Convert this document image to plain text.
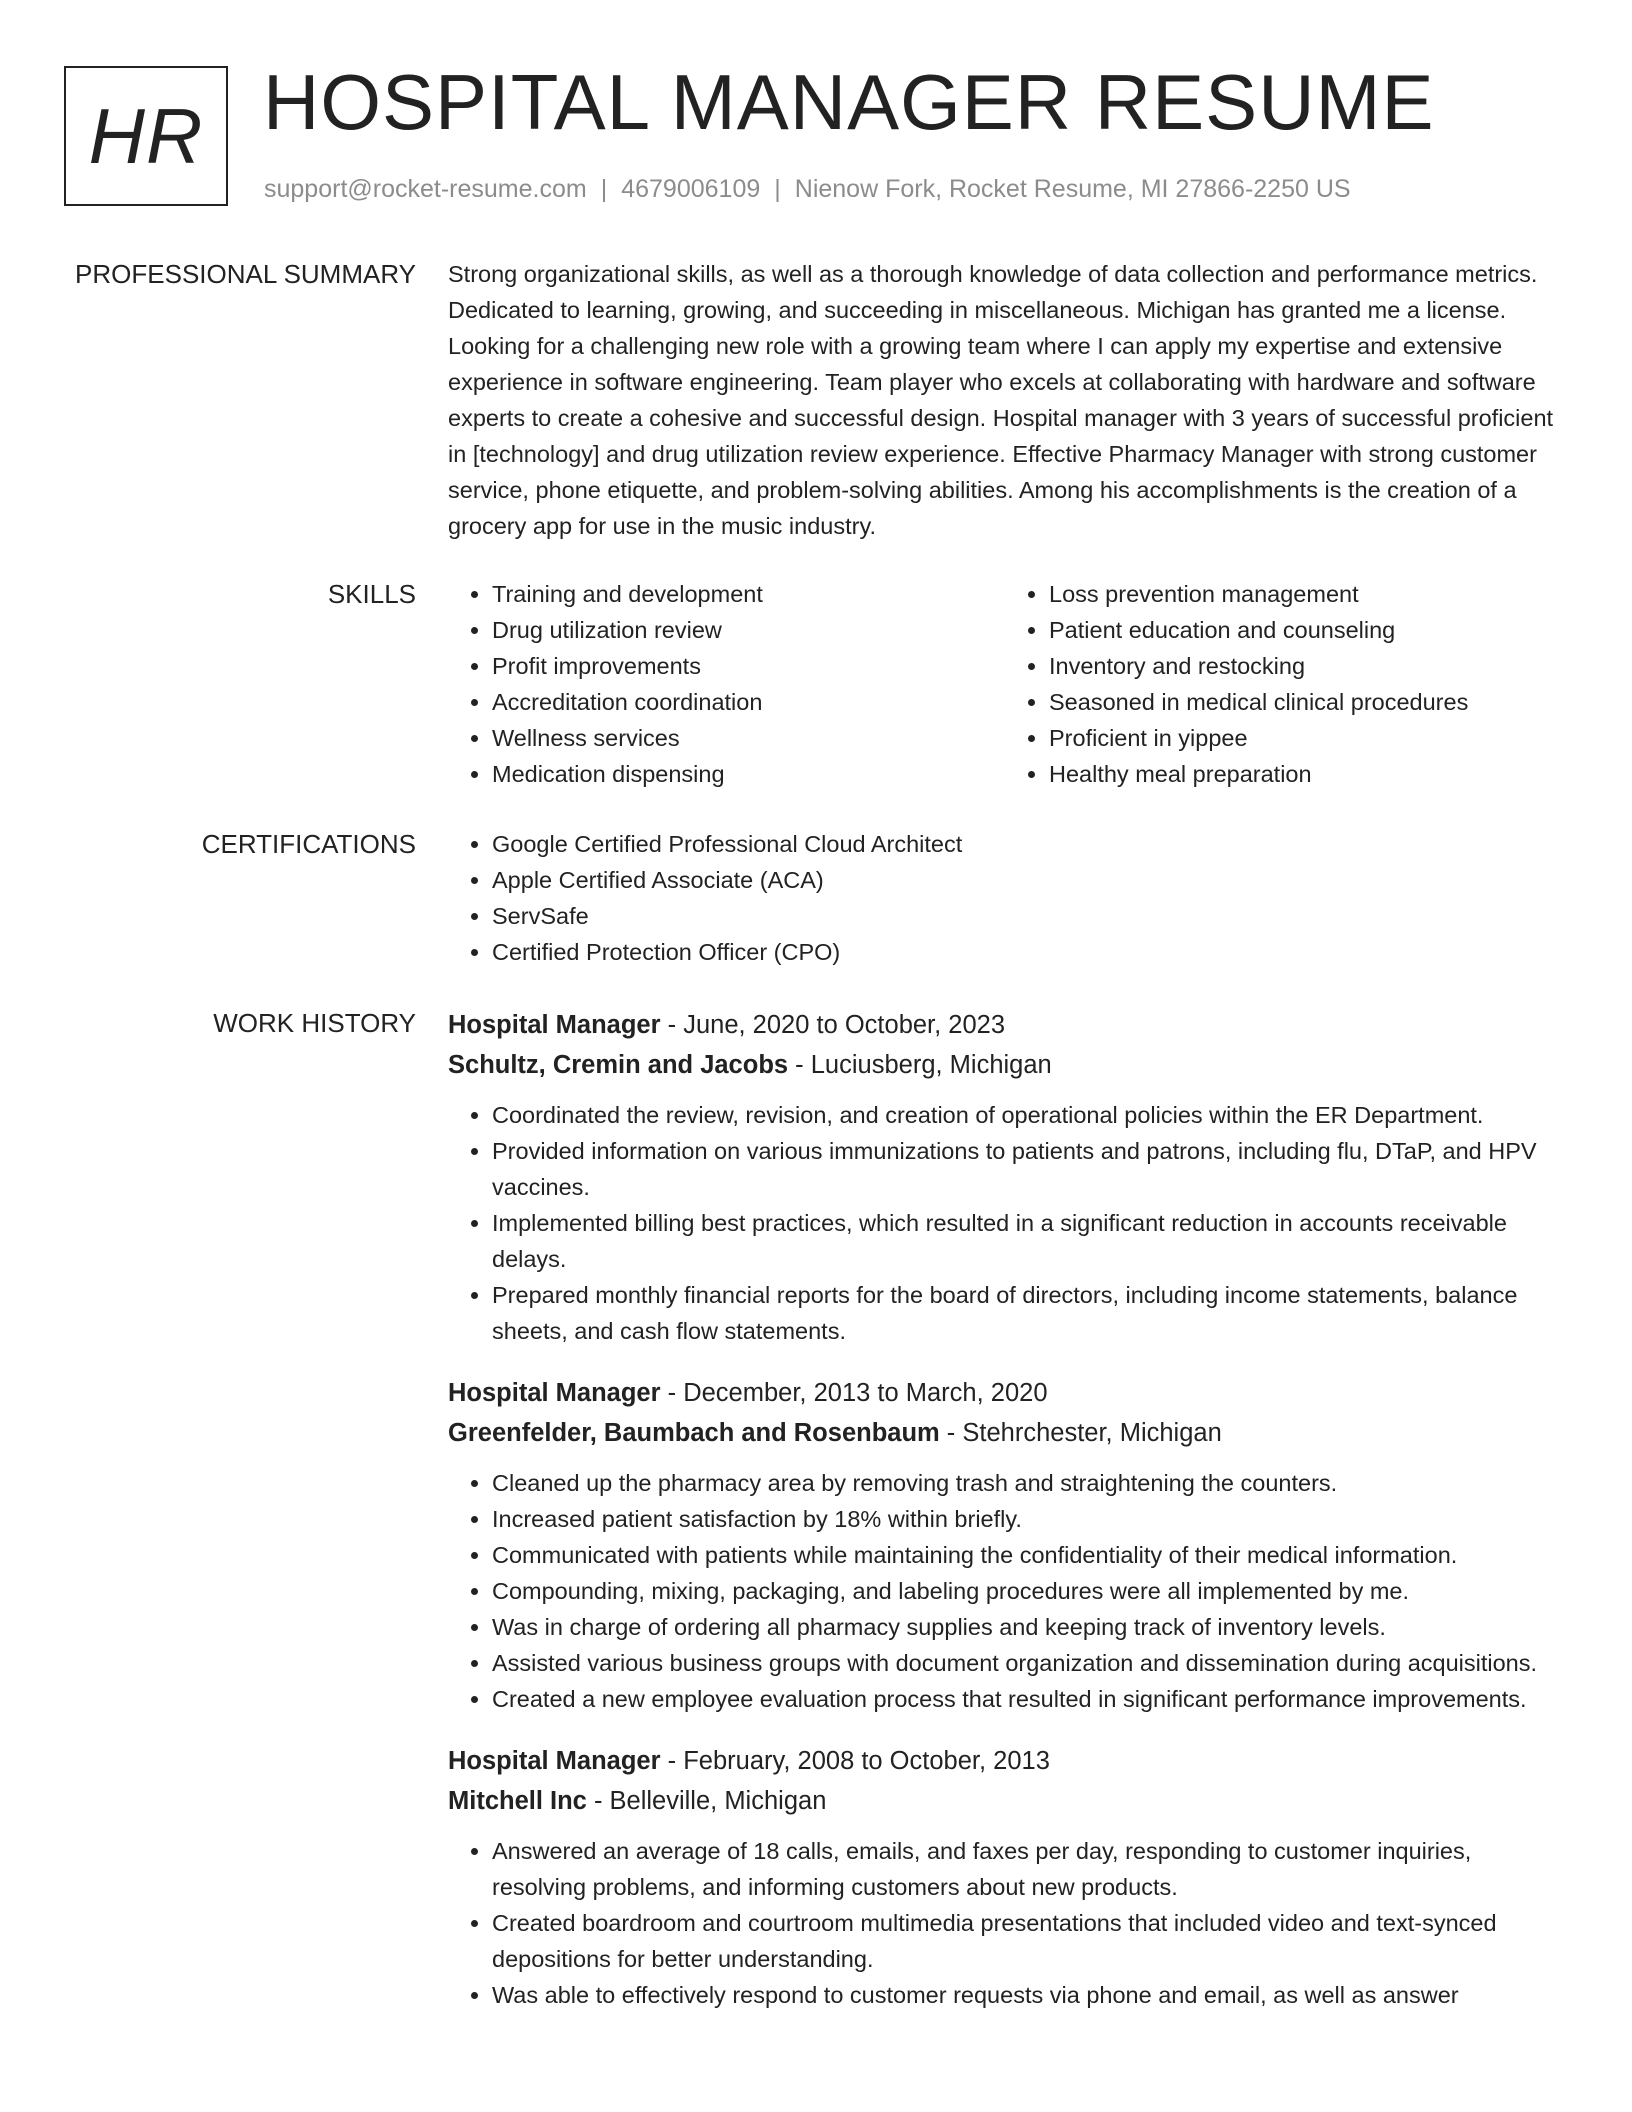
HR HOSPITAL MANAGER RESUME
support@rocket-resume.com | 4679006109 | Nienow Fork, Rocket Resume, MI 27866-2250 US
PROFESSIONAL SUMMARY Strong organizational skills, as well as a thorough knowledge of data collection and performance metrics. Dedicated to learning, growing, and succeeding in miscellaneous. Michigan has granted me a license. Looking for a challenging new role with a growing team where I can apply my expertise and extensive experience in software engineering. Team player who excels at collaborating with hardware and software experts to create a cohesive and successful design. Hospital manager with 3 years of successful proficient in [technology] and drug utilization review experience. Effective Pharmacy Manager with strong customer service, phone etiquette, and problem-solving abilities. Among his accomplishments is the creation of a grocery app for use in the music industry.

SKILLS	• Training and development
• Drug utilization review
• Profit improvements
• Accreditation coordination
• Wellness services
• Medication dispensing
• Loss prevention management
• Patient education and counseling
• Inventory and restocking
• Seasoned in medical clinical procedures
• Proficient in yippee
• Healthy meal preparation
CERTIFICATIONS	• Google Certified Professional Cloud Architect
• Apple Certified Associate (ACA)
• ServSafe
• Certified Protection Officer (CPO)
WORK HISTORY Hospital Manager - June, 2020 to October, 2023
Schultz, Cremin and Jacobs - Luciusberg, Michigan
• Coordinated the review, revision, and creation of operational policies within the ER Department.
• Provided information on various immunizations to patients and patrons, including flu, DTaP, and HPV vaccines.
• Implemented billing best practices, which resulted in a significant reduction in accounts receivable delays.
• Prepared monthly financial reports for the board of directors, including income statements, balance sheets, and cash flow statements.
Hospital Manager - December, 2013 to March, 2020
Greenfelder, Baumbach and Rosenbaum - Stehrchester, Michigan
• Cleaned up the pharmacy area by removing trash and straightening the counters.
• Increased patient satisfaction by 18% within briefly.
• Communicated with patients while maintaining the confidentiality of their medical information.
• Compounding, mixing, packaging, and labeling procedures were all implemented by me.
• Was in charge of ordering all pharmacy supplies and keeping track of inventory levels.
• Assisted various business groups with document organization and dissemination during acquisitions.
• Created a new employee evaluation process that resulted in significant performance improvements.
Hospital Manager - February, 2008 to October, 2013
Mitchell Inc - Belleville, Michigan
• Answered an average of 18 calls, emails, and faxes per day, responding to customer inquiries, resolving problems, and informing customers about new products.
• Created boardroom and courtroom multimedia presentations that included video and text-synced depositions for better understanding.
• Was able to effectively respond to customer requests via phone and email, as well as answer
